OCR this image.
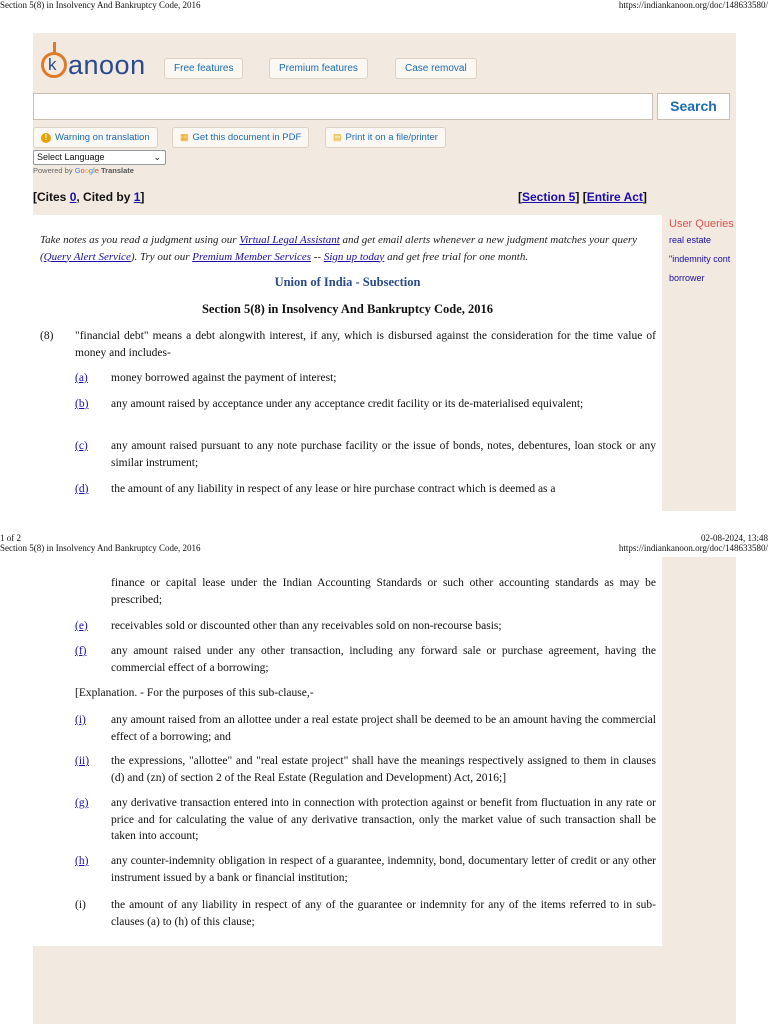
Section 5(8) in Insolvency And Bankruptcy Code, 2016	https://indiankanoon.org/doc/148633580/
k anoon	Free features	Premium features	Case removal
Search
! Warning on translation	▦ Get this document in PDF	▤ Print it on a file/printer
Select Language	⌄
Powered by Google Translate
[Cites 0, Cited by 1]	[Section 5] [Entire Act]
User Queries
real estate
"indemnity cont
borrower
Take notes as you read a judgment using our Virtual Legal Assistant and get email alerts whenever a new judgment matches your query (Query Alert Service). Try out our Premium Member Services -- Sign up today and get free trial for one month.
Union of India - Subsection
Section 5(8) in Insolvency And Bankruptcy Code, 2016
(8) "financial debt" means a debt alongwith interest, if any, which is disbursed against the consideration for the time value of money and includes-
(a) money borrowed against the payment of interest;
(b) any amount raised by acceptance under any acceptance credit facility or its de-materialised equivalent;
(c) any amount raised pursuant to any note purchase facility or the issue of bonds, notes, debentures, loan stock or any similar instrument;
(d) the amount of any liability in respect of any lease or hire purchase contract which is deemed as a
1 of 2	02-08-2024, 13:48
Section 5(8) in Insolvency And Bankruptcy Code, 2016	https://indiankanoon.org/doc/148633580/
finance or capital lease under the Indian Accounting Standards or such other accounting standards as may be prescribed;
(e) receivables sold or discounted other than any receivables sold on non-recourse basis;
(f) any amount raised under any other transaction, including any forward sale or purchase agreement, having the commercial effect of a borrowing;
[Explanation. - For the purposes of this sub-clause,-
(i) any amount raised from an allottee under a real estate project shall be deemed to be an amount having the commercial effect of a borrowing; and
(ii) the expressions, "allottee" and "real estate project" shall have the meanings respectively assigned to them in clauses (d) and (zn) of section 2 of the Real Estate (Regulation and Development) Act, 2016;]
(g) any derivative transaction entered into in connection with protection against or benefit from fluctuation in any rate or price and for calculating the value of any derivative transaction, only the market value of such transaction shall be taken into account;
(h) any counter-indemnity obligation in respect of a guarantee, indemnity, bond, documentary letter of credit or any other instrument issued by a bank or financial institution;
(i) the amount of any liability in respect of any of the guarantee or indemnity for any of the items referred to in sub-clauses (a) to (h) of this clause;
